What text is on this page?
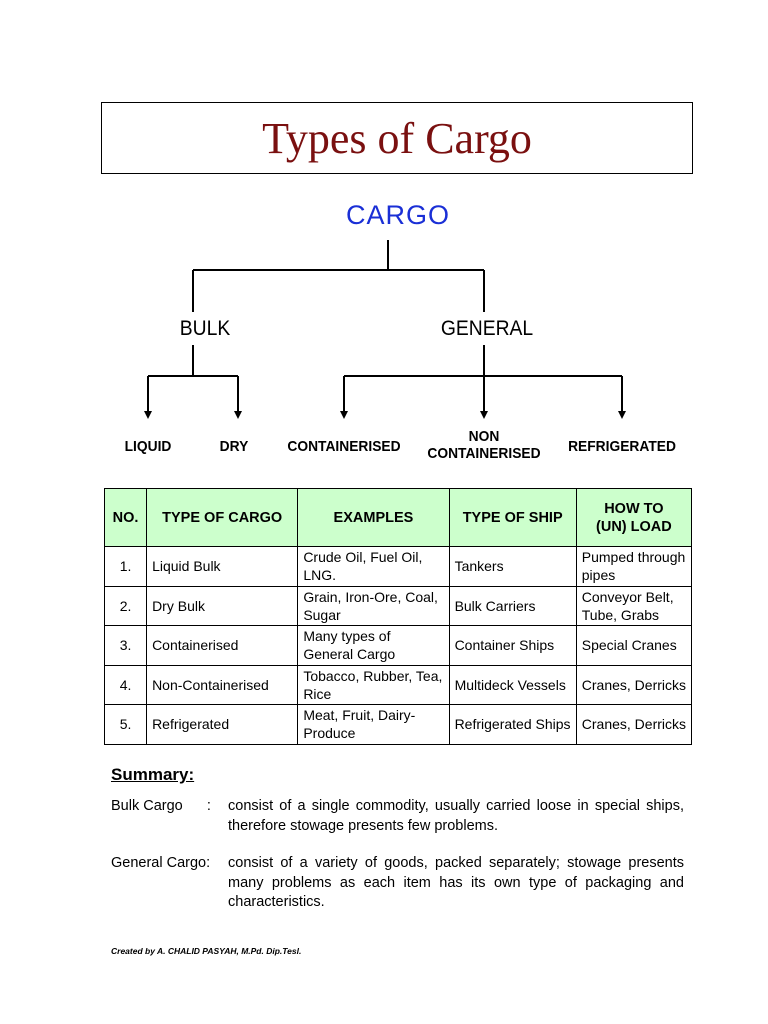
Types of Cargo
CARGO
BULK	GENERAL
LIQUID	DRY	CONTAINERISED
NON
CONTAINERISED REFRIGERATED
NO.	TYPE OF CARGO	EXAMPLES	TYPE OF SHIP	HOW TO
(UN) LOAD

1.	Liquid Bulk	Crude Oil, Fuel Oil, LNG.	Tankers	Pumped through pipes
2.	Dry Bulk	Grain, Iron-Ore, Coal, Sugar	Bulk Carriers	Conveyor Belt, Tube, Grabs
3.	Containerised	Many types of General Cargo	Container Ships	Special Cranes
4.	Non-Containerised	Tobacco, Rubber, Tea, Rice	Multideck Vessels	Cranes, Derricks
5.	Refrigerated	Meat, Fruit, Dairy-Produce	Refrigerated Ships	Cranes, Derricks
Summary:
Bulk Cargo      : consist of a single commodity, usually carried loose in special ships, therefore stowage presents few problems.
General Cargo: consist of a variety of goods, packed separately; stowage presents many problems as each item has its own type of packaging and characteristics.
Created by A. CHALID PASYAH, M.Pd. Dip.Tesl.
